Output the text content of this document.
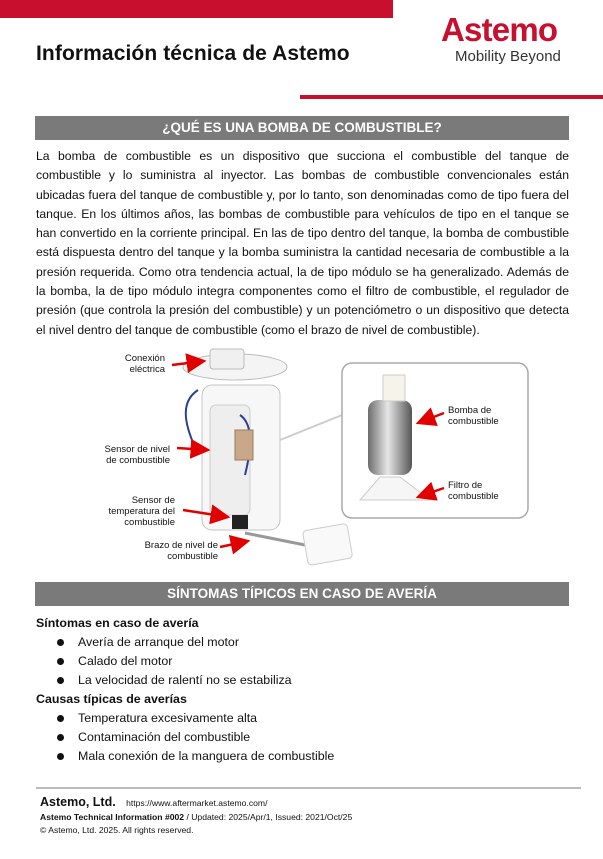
Información técnica de Astemo
Astemo
Mobility Beyond
¿QUÉ ES UNA BOMBA DE COMBUSTIBLE?

La bomba de combustible es un dispositivo que succiona el combustible del tanque de combustible y lo suministra al inyector. Las bombas de combustible convencionales están ubicadas fuera del tanque de combustible y, por lo tanto, son denominadas como de tipo fuera del tanque. En los últimos años, las bombas de combustible para vehículos de tipo en el tanque se han convertido en la corriente principal. En las de tipo dentro del tanque, la bomba de combustible está dispuesta dentro del tanque y la bomba suministra la cantidad necesaria de combustible a la presión requerida. Como otra tendencia actual, la de tipo módulo se ha generalizado. Además de la bomba, la de tipo módulo integra componentes como el filtro de combustible, el regulador de presión (que controla la presión del combustible) y un potenciómetro o un dispositivo que detecta el nivel dentro del tanque de combustible (como el brazo de nivel de combustible).

Conexión
eléctrica
Sensor de nivel
de combustible
Sensor de
temperatura del
combustible
Brazo de nivel de
combustible
Bomba de
combustible
Filtro de
combustible
SÍNTOMAS TÍPICOS EN CASO DE AVERÍA
Síntomas en caso de avería
Avería de arranque del motor
Calado del motor
La velocidad de ralentí no se estabiliza
Causas típicas de averías
Temperatura excesivamente alta
Contaminación del combustible
Mala conexión de la manguera de combustible
Astemo, Ltd. https://www.aftermarket.astemo.com/
Astemo Technical Information #002 / Updated: 2025/Apr/1, Issued: 2021/Oct/25
© Astemo, Ltd. 2025. All rights reserved.
